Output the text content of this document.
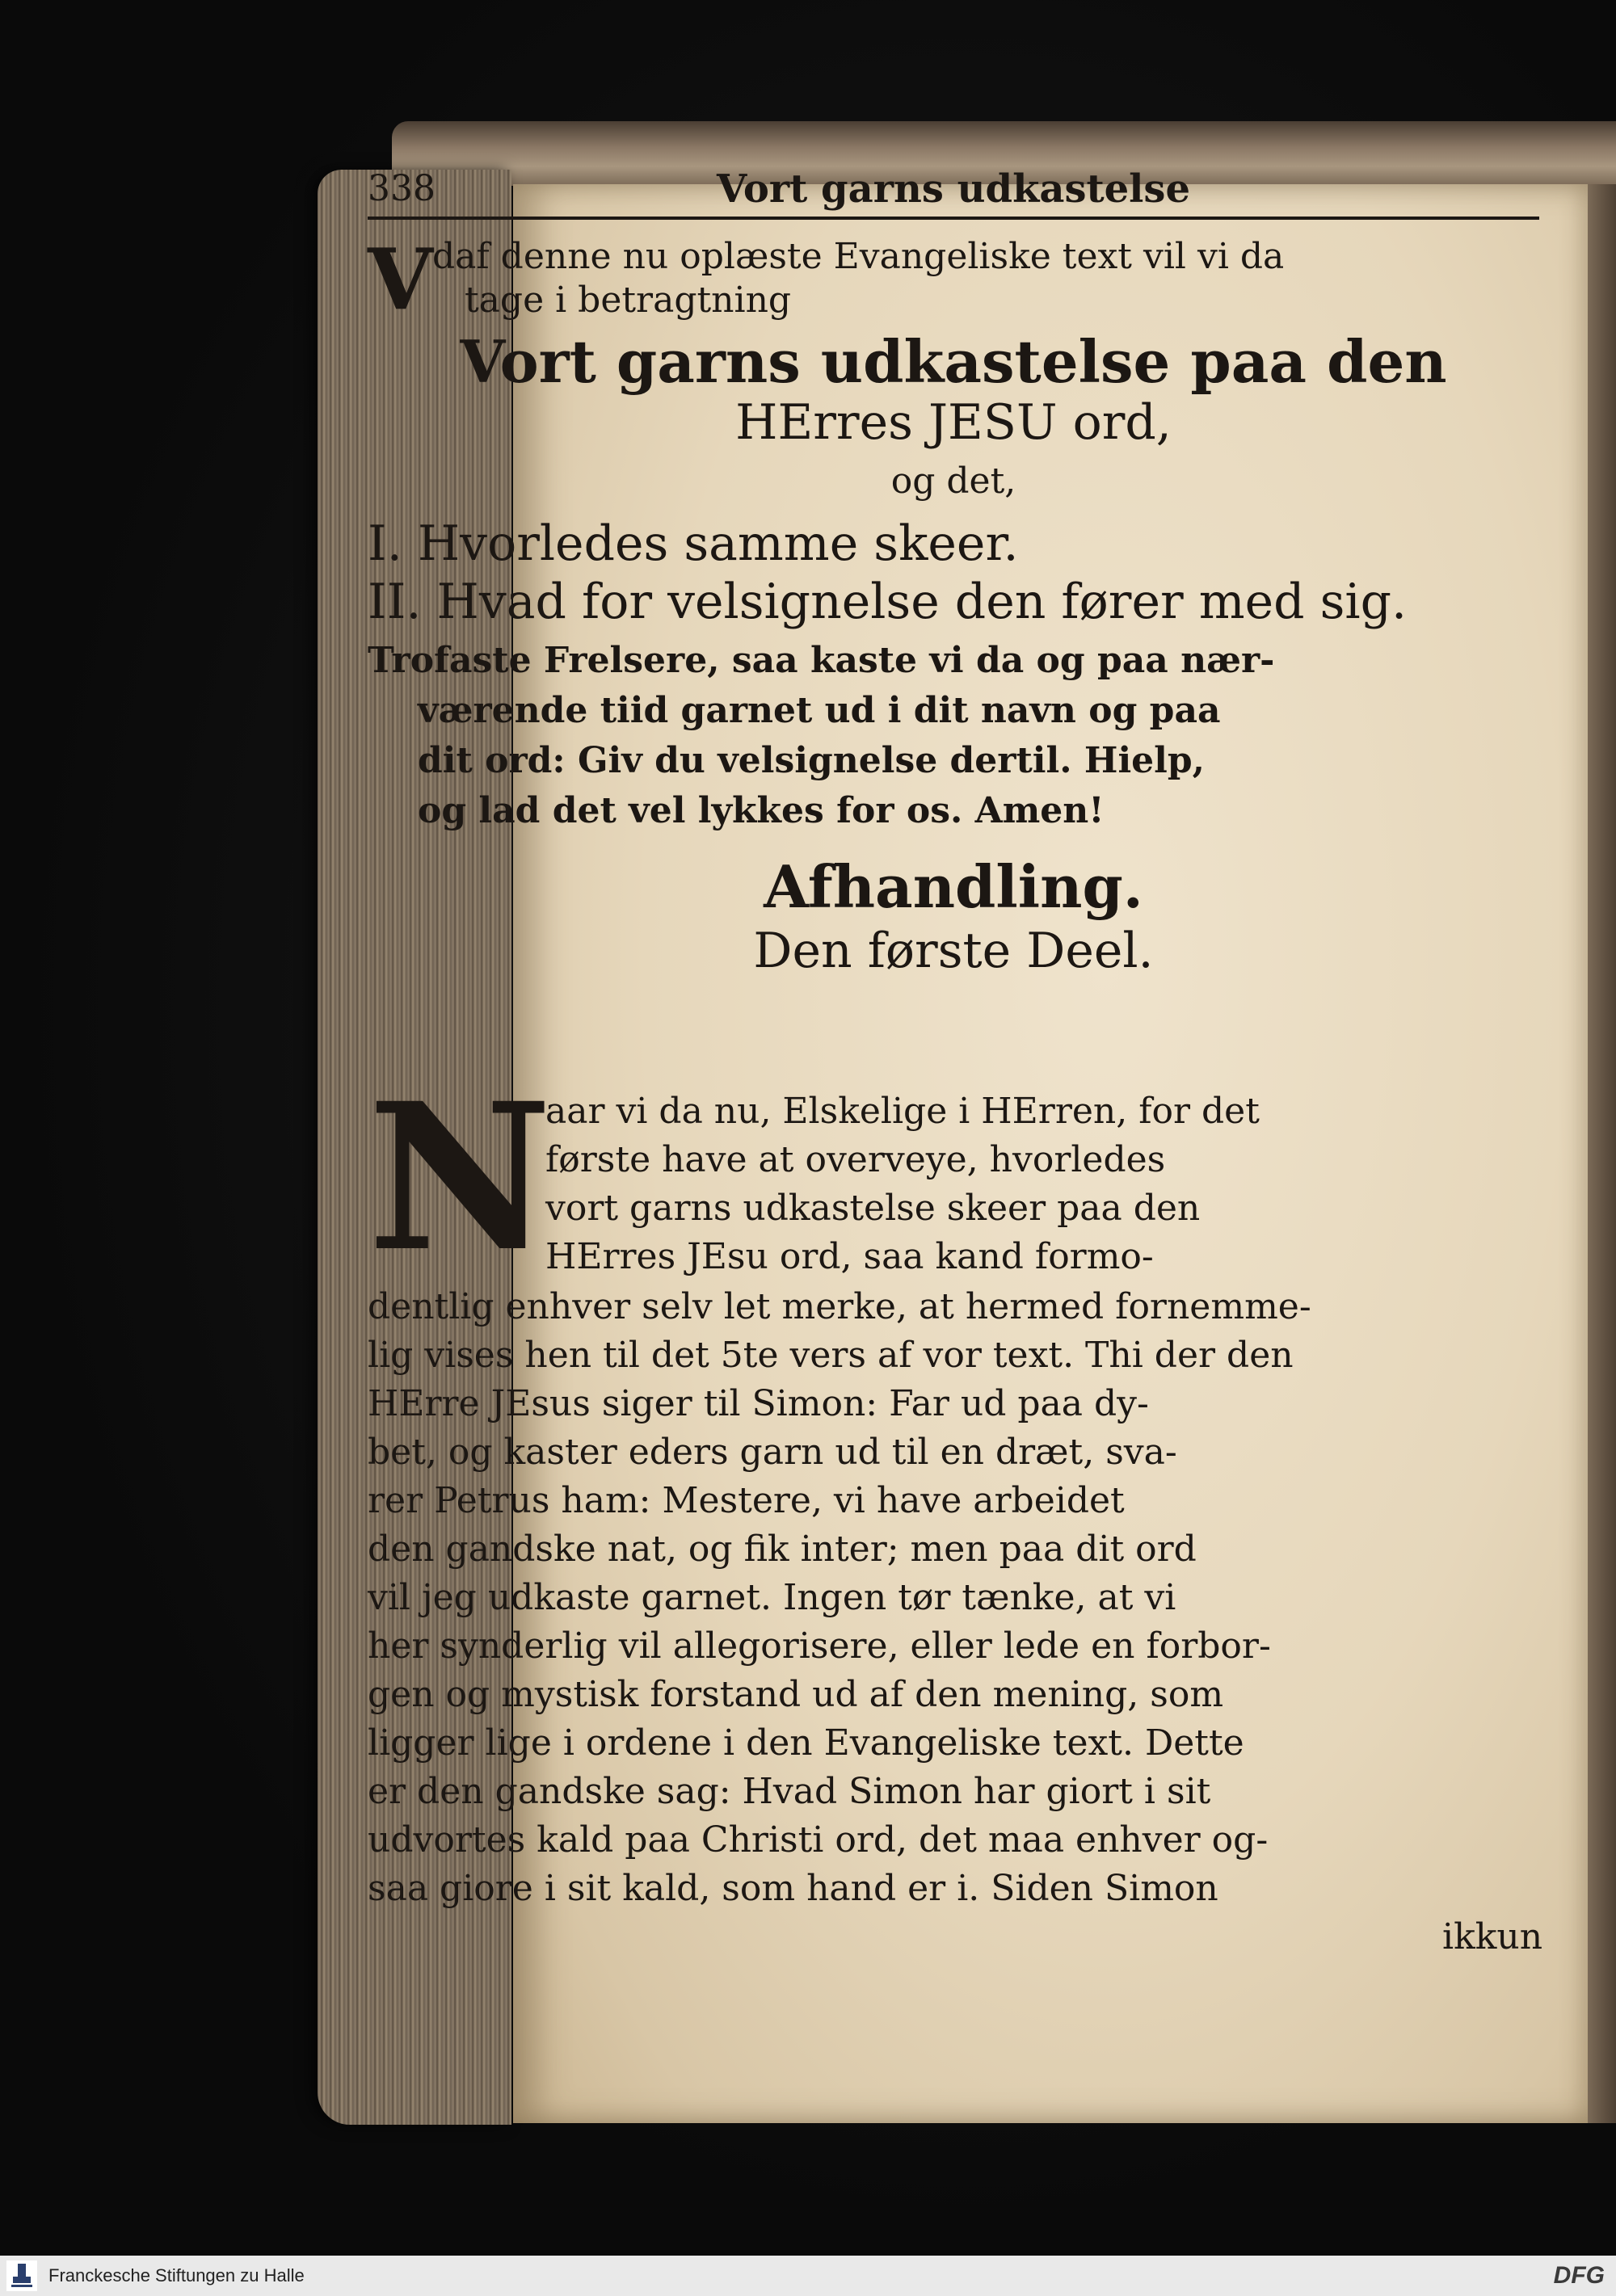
338	Vort garns udkastelse
V daf denne nu oplæste Evangeliske text vil vi da
tage i betragtning
Vort garns udkastelse paa den
HErres JESU ord,
og det,
I. Hvorledes samme skeer.
II. Hvad for velsignelse den fører med sig.
Trofaste Frelsere, saa kaste vi da og paa nær-
værende tiid garnet ud i dit navn og paa
dit ord: Giv du velsignelse dertil. Hielp,
og lad det vel lykkes for os. Amen!
Afhandling.
Den første Deel.
N
aar vi da nu, Elskelige i HErren, for det
første have at overveye, hvorledes
vort garns udkastelse skeer paa den
HErres JEsu ord, saa kand formo-
dentlig enhver selv let merke, at hermed fornemme-
lig vises hen til det 5te vers af vor text. Thi der den
HErre JEsus siger til Simon: Far ud paa dy-
bet, og kaster eders garn ud til en dræt, sva-
rer Petrus ham: Mestere, vi have arbeidet
den gandske nat, og fik inter; men paa dit ord
vil jeg udkaste garnet. Ingen tør tænke, at vi
her synderlig vil allegorisere, eller lede en forbor-
gen og mystisk forstand ud af den mening, som
ligger lige i ordene i den Evangeliske text. Dette
er den gandske sag: Hvad Simon har giort i sit
udvortes kald paa Christi ord, det maa enhver og-
saa giore i sit kald, som hand er i. Siden Simon
ikkun
Franckesche Stiftungen zu Halle	DFG
